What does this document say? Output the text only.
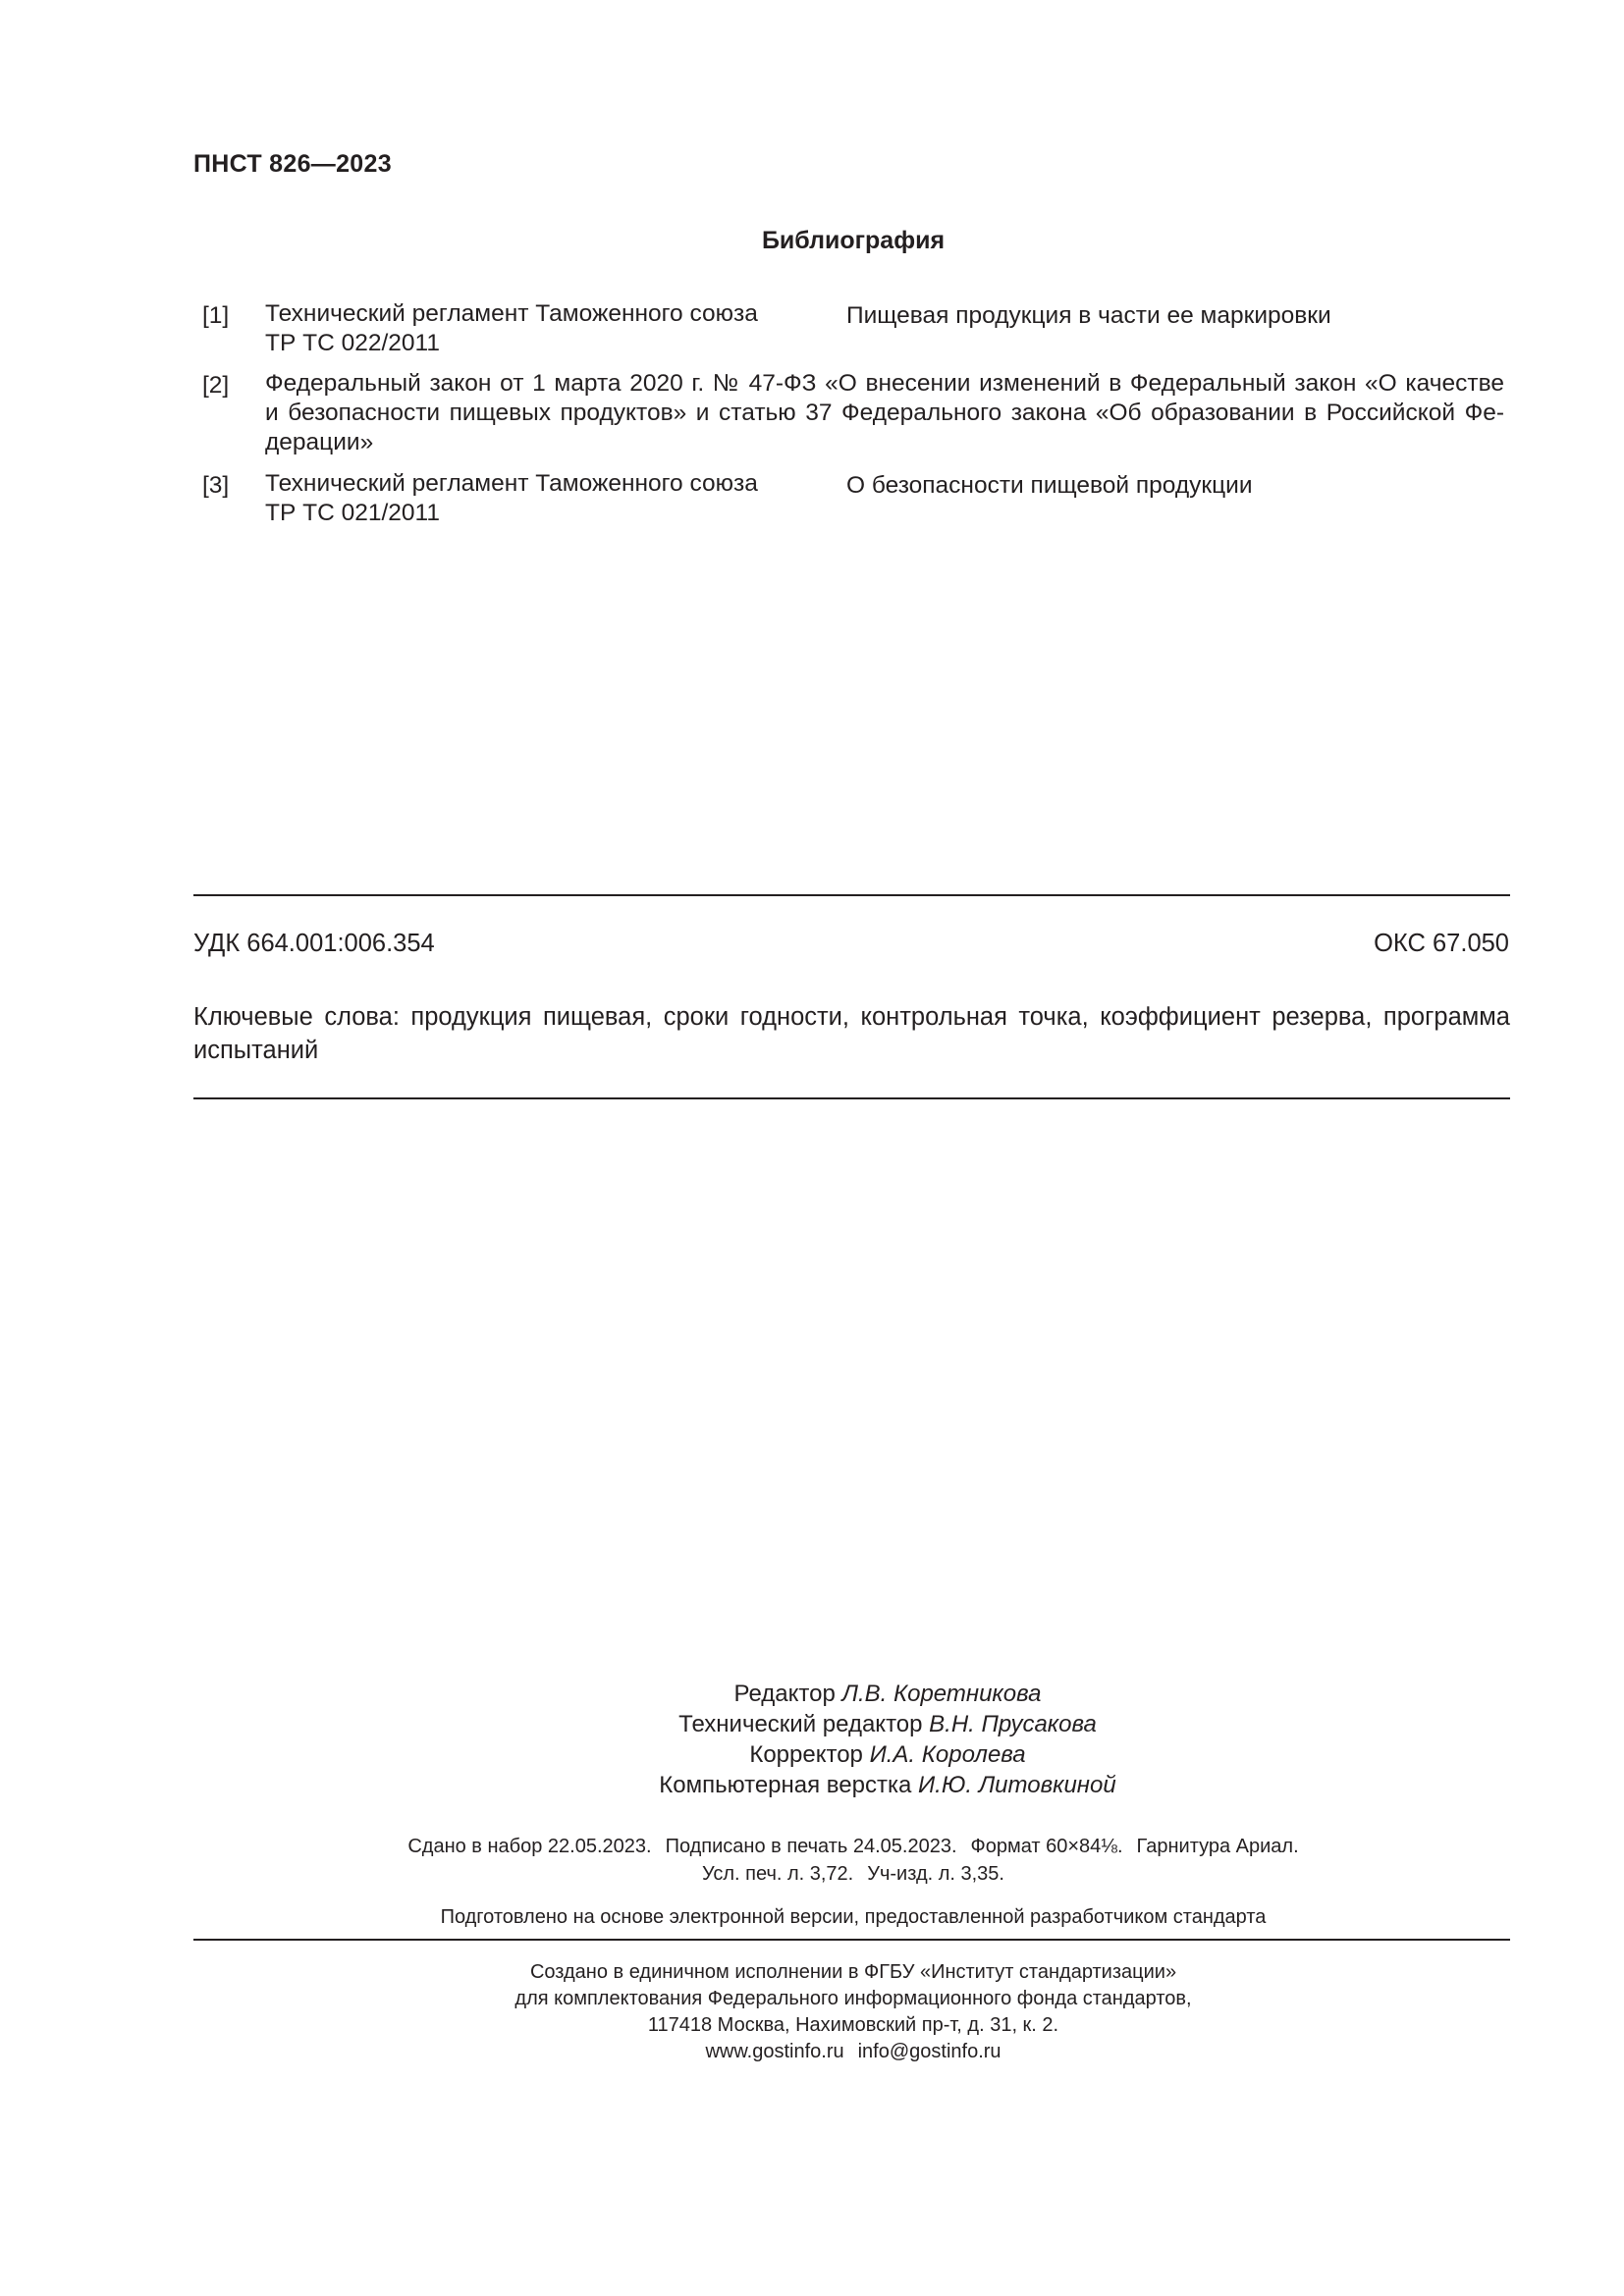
ПНСТ 826—2023
Библиография
[1] Технический регламент Таможенного союза
ТР ТС 022/2011
Пищевая продукция в части ее маркировки
[2] Федеральный закон от 1 марта 2020 г. № 47-ФЗ «О внесении изменений в Федеральный закон «О качестве
и безопасности пищевых продуктов» и статью 37 Федерального закона «Об образовании в Российской Фе-
дерации»
[3] Технический регламент Таможенного союза
ТР ТС 021/2011
О безопасности пищевой продукции
УДК 664.001:006.354	ОКС 67.050
Ключевые слова: продукция пищевая, сроки годности, контрольная точка, коэффициент резерва, программа испытаний
Редактор Л.В. Коретникова
Технический редактор В.Н. Прусакова
Корректор И.А. Королева
Компьютерная верстка И.Ю. Литовкиной
Сдано в набор 22.05.2023. Подписано в печать 24.05.2023. Формат 60×84⅛. Гарнитура Ариал.
Усл. печ. л. 3,72. Уч-изд. л. 3,35.
Подготовлено на основе электронной версии, предоставленной разработчиком стандарта
Создано в единичном исполнении в ФГБУ «Институт стандартизации»
для комплектования Федерального информационного фонда стандартов,
117418 Москва, Нахимовский пр-т, д. 31, к. 2.
www.gostinfo.ru info@gostinfo.ru
